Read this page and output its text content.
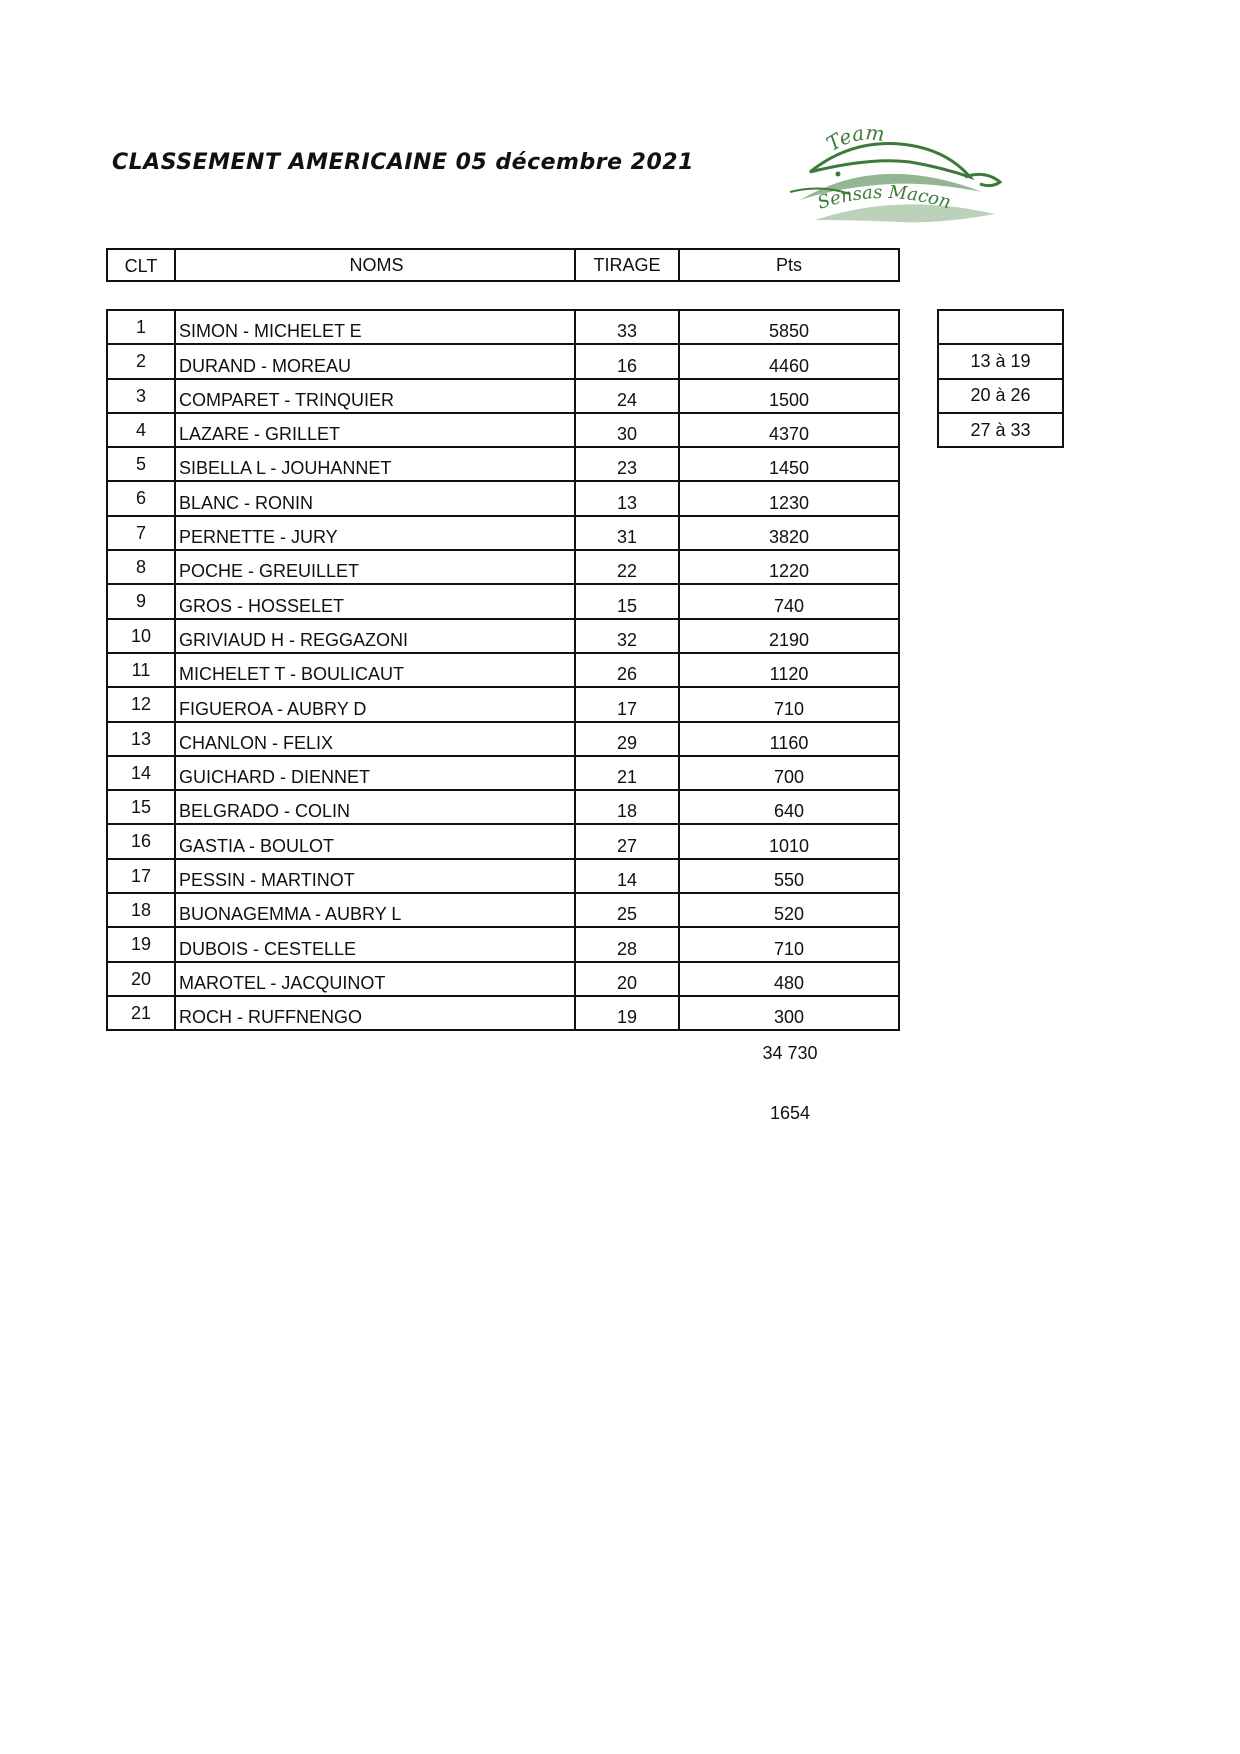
CLASSEMENT AMERICAINE 05 décembre 2021
Team
Sensas Macon
CLT	NOMS	TIRAGE	Pts
1	SIMON - MICHELET E	33	5850
2	DURAND - MOREAU	16	4460
3	COMPARET - TRINQUIER	24	1500
4	LAZARE - GRILLET	30	4370
5	SIBELLA L - JOUHANNET	23	1450
6	BLANC - RONIN	13	1230
7	PERNETTE - JURY	31	3820
8	POCHE - GREUILLET	22	1220
9	GROS - HOSSELET	15	740
10	GRIVIAUD H - REGGAZONI	32	2190
11	MICHELET T - BOULICAUT	26	1120
12	FIGUEROA - AUBRY D	17	710
13	CHANLON - FELIX	29	1160
14	GUICHARD - DIENNET	21	700
15	BELGRADO - COLIN	18	640
16	GASTIA - BOULOT	27	1010
17	PESSIN - MARTINOT	14	550
18	BUONAGEMMA - AUBRY L	25	520
19	DUBOIS - CESTELLE	28	710
20	MAROTEL - JACQUINOT	20	480
21	ROCH - RUFFNENGO	19	300

13 à 19
20 à 26
27 à 33
34 730
1654
